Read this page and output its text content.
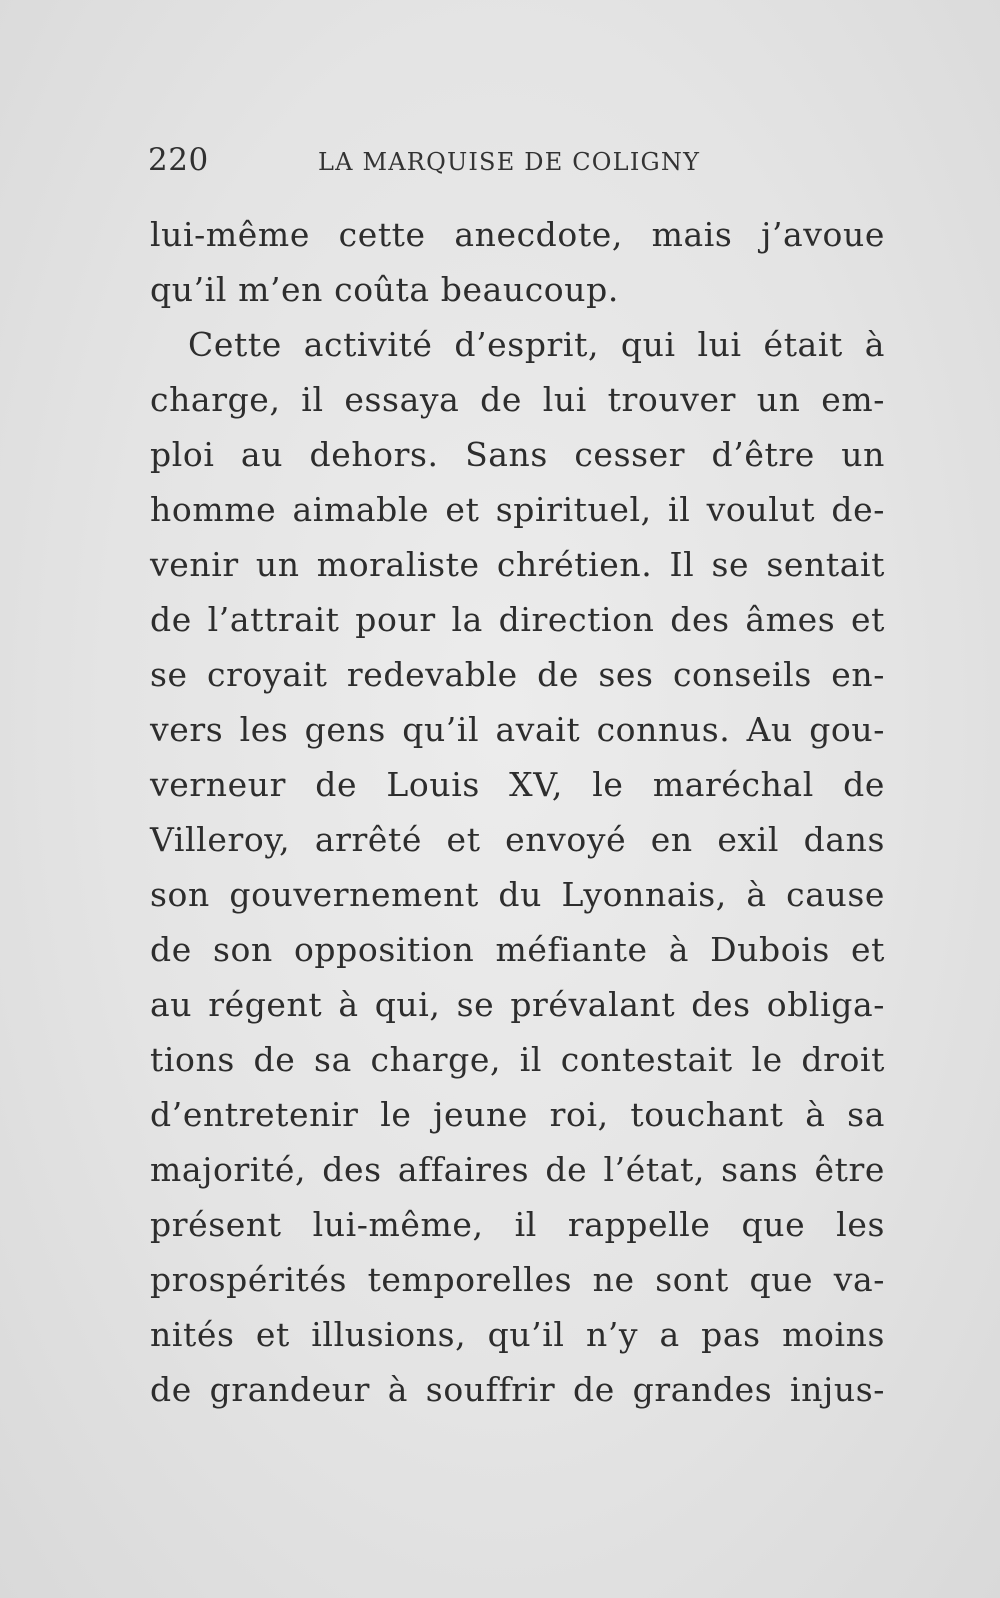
220	LA MARQUISE DE COLIGNY
lui-même cette anecdote, mais j’avoue
qu’il m’en coûta beaucoup.
Cette activité d’esprit, qui lui était à
charge, il essaya de lui trouver un em-
ploi au dehors. Sans cesser d’être un
homme aimable et spirituel, il voulut de-
venir un moraliste chrétien. Il se sentait
de l’attrait pour la direction des âmes et
se croyait redevable de ses conseils en-
vers les gens qu’il avait connus. Au gou-
verneur de Louis XV, le maréchal de
Villeroy, arrêté et envoyé en exil dans
son gouvernement du Lyonnais, à cause
de son opposition méfiante à Dubois et
au régent à qui, se prévalant des obliga-
tions de sa charge, il contestait le droit
d’entretenir le jeune roi, touchant à sa
majorité, des affaires de l’état, sans être
présent lui-même, il rappelle que les
prospérités temporelles ne sont que va-
nités et illusions, qu’il n’y a pas moins
de grandeur à souffrir de grandes injus-
